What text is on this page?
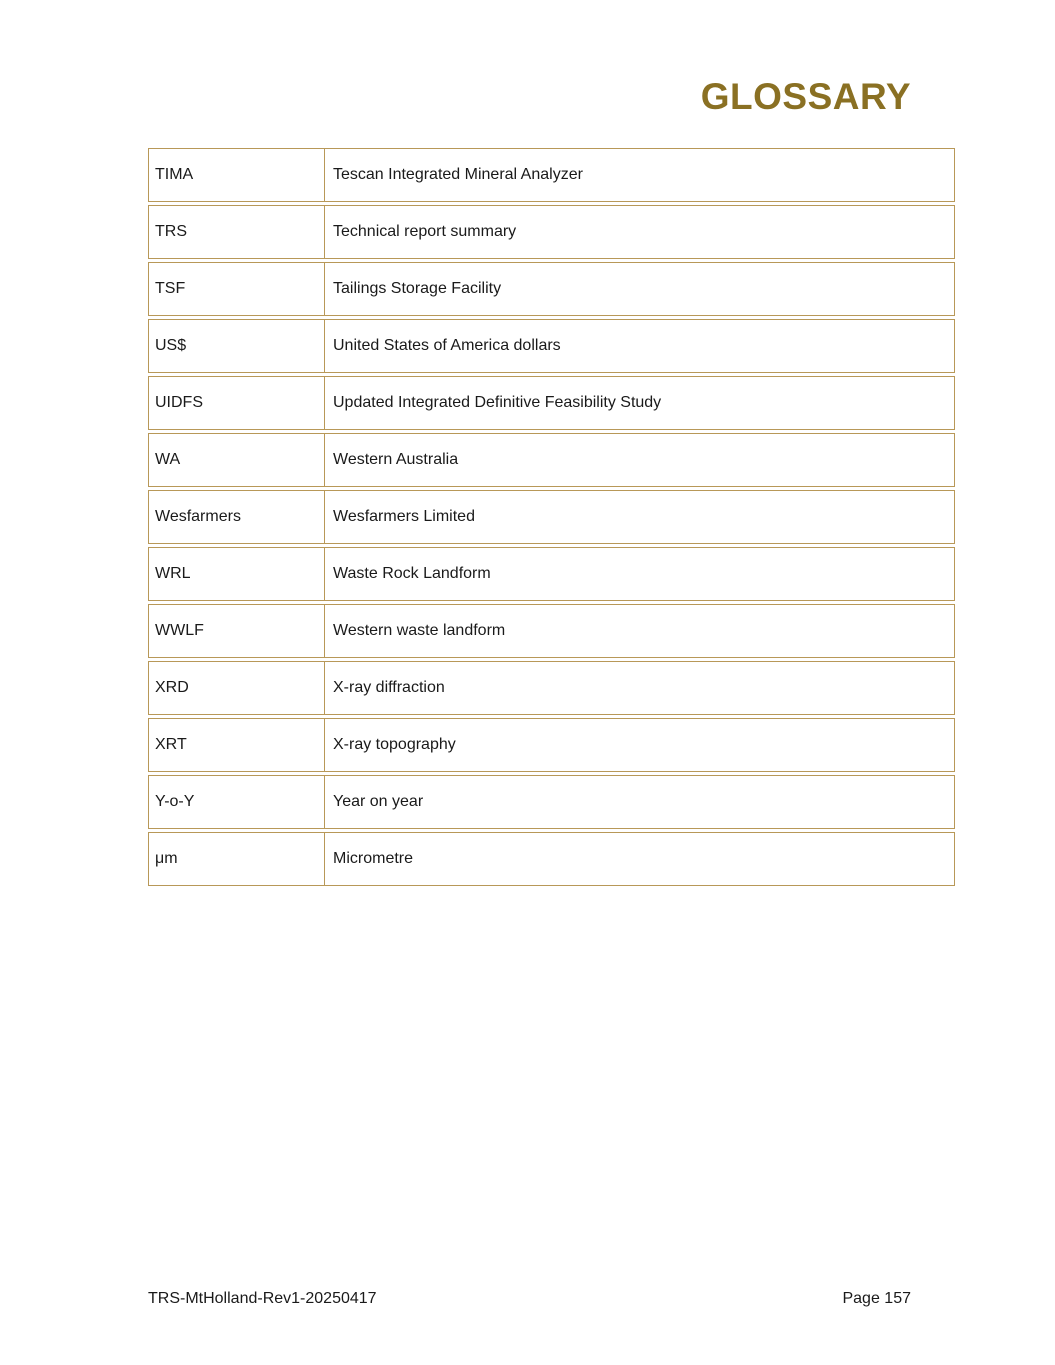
GLOSSARY
TIMA	Tescan Integrated Mineral Analyzer
TRS	Technical report summary
TSF	Tailings Storage Facility
US$	United States of America dollars
UIDFS	Updated Integrated Definitive Feasibility Study
WA	Western Australia
Wesfarmers	Wesfarmers Limited
WRL	Waste Rock Landform
WWLF	Western waste landform
XRD	X-ray diffraction
XRT	X-ray topography
Y-o-Y	Year on year
μm	Micrometre
TRS-MtHolland-Rev1-20250417	Page 157
